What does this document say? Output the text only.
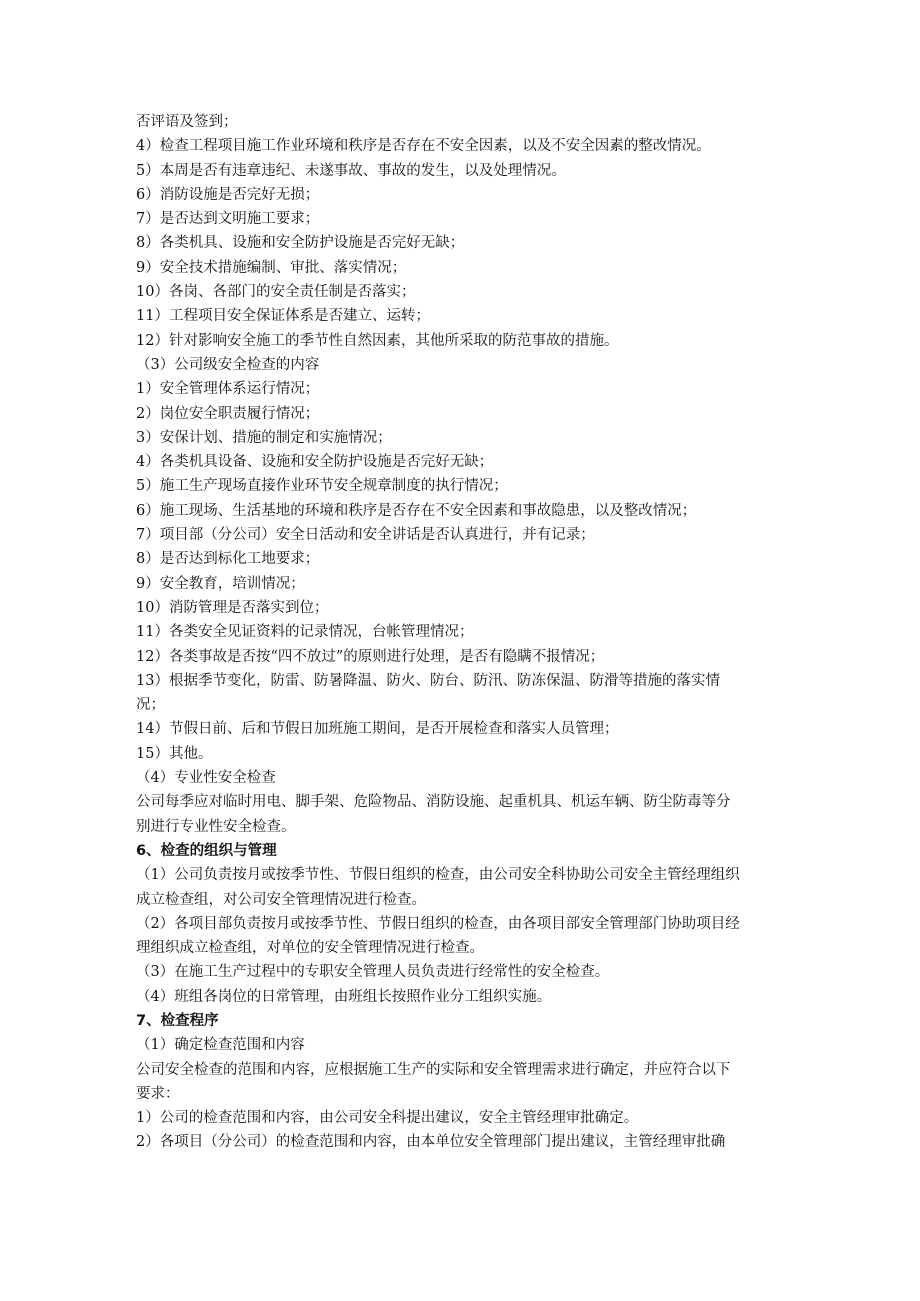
否评语及签到；
4）检查工程项目施工作业环境和秩序是否存在不安全因素，以及不安全因素的整改情况。
5）本周是否有违章违纪、未遂事故、事故的发生，以及处理情况。
6）消防设施是否完好无损；
7）是否达到文明施工要求；
8）各类机具、设施和安全防护设施是否完好无缺；
9）安全技术措施编制、审批、落实情况；
10）各岗、各部门的安全责任制是否落实；
11）工程项目安全保证体系是否建立、运转；
12）针对影响安全施工的季节性自然因素，其他所采取的防范事故的措施。
（3）公司级安全检查的内容
1）安全管理体系运行情况；
2）岗位安全职责履行情况；
3）安保计划、措施的制定和实施情况；
4）各类机具设备、设施和安全防护设施是否完好无缺；
5）施工生产现场直接作业环节安全规章制度的执行情况；
6）施工现场、生活基地的环境和秩序是否存在不安全因素和事故隐患，以及整改情况；
7）项目部（分公司）安全日活动和安全讲话是否认真进行，并有记录；
8）是否达到标化工地要求；
9）安全教育，培训情况；
10）消防管理是否落实到位；
11）各类安全见证资料的记录情况，台帐管理情况；
12）各类事故是否按“四不放过”的原则进行处理，是否有隐瞒不报情况；
13）根据季节变化，防雷、防暑降温、防火、防台、防汛、防冻保温、防滑等措施的落实情
况；
14）节假日前、后和节假日加班施工期间，是否开展检查和落实人员管理；
15）其他。
（4）专业性安全检查
公司每季应对临时用电、脚手架、危险物品、消防设施、起重机具、机运车辆、防尘防毒等分
别进行专业性安全检查。
6、检查的组织与管理
（1）公司负责按月或按季节性、节假日组织的检查，由公司安全科协助公司安全主管经理组织
成立检查组，对公司安全管理情况进行检查。
（2）各项目部负责按月或按季节性、节假日组织的检查，由各项目部安全管理部门协助项目经
理组织成立检查组，对单位的安全管理情况进行检查。
（3）在施工生产过程中的专职安全管理人员负责进行经常性的安全检查。
（4）班组各岗位的日常管理，由班组长按照作业分工组织实施。
7、检查程序
（1）确定检查范围和内容
公司安全检查的范围和内容，应根据施工生产的实际和安全管理需求进行确定，并应符合以下
要求：
1）公司的检查范围和内容，由公司安全科提出建议，安全主管经理审批确定。
2）各项目（分公司）的检查范围和内容，由本单位安全管理部门提出建议，主管经理审批确
